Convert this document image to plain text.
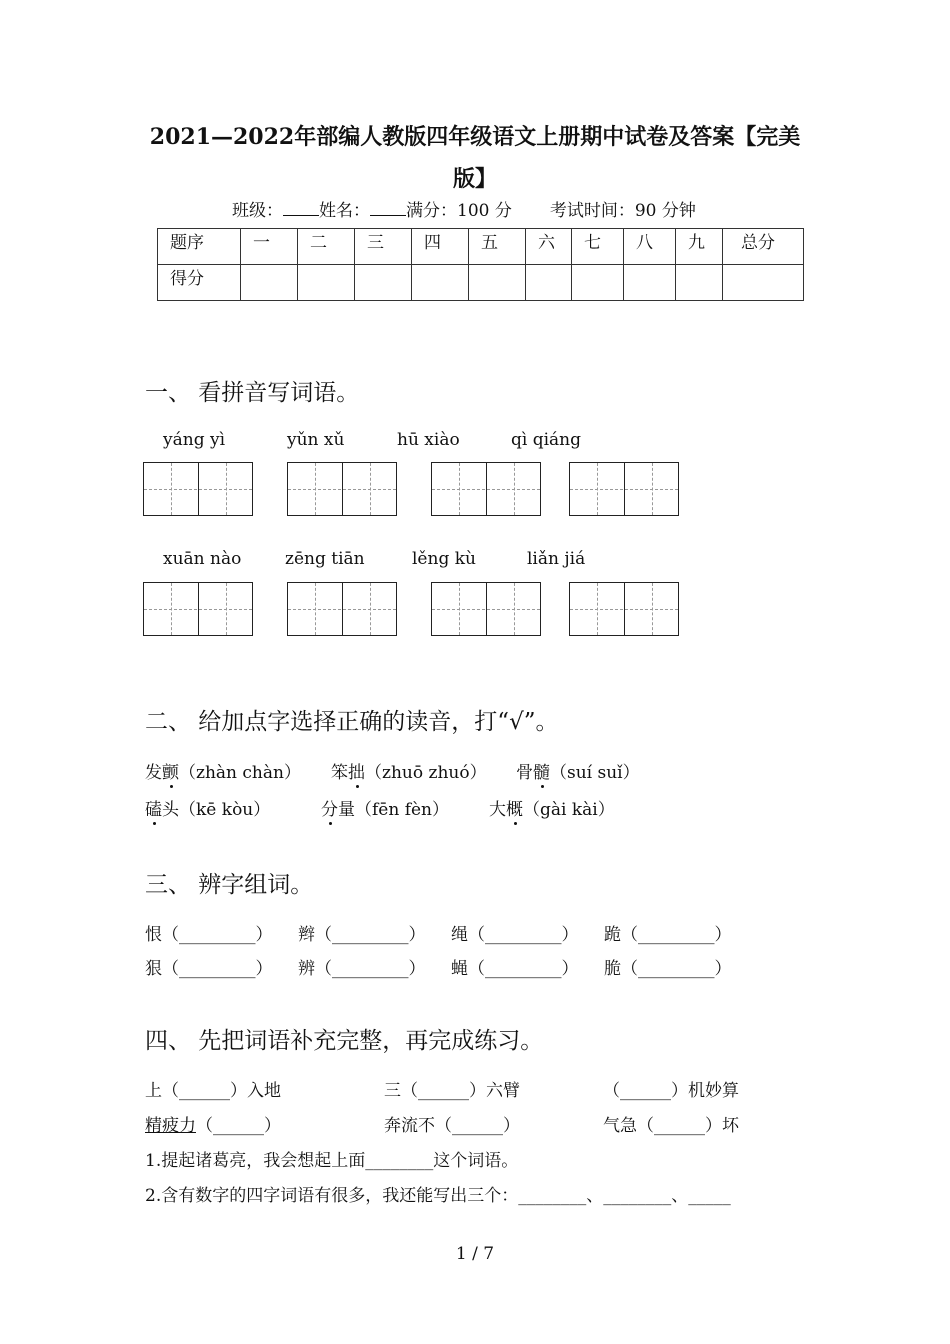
2021—2022年部编人教版四年级语文上册期中试卷及答案【完美版】
班级： 姓名： 满分：100 分 考试时间：90 分钟
题序	一	二	三	四	五	六	七	八	九	总分
得分										
一、 看拼音写词语。
yáng yì	yǔn xǔ	hū xiào	qì qiáng
xuān nào	zēng tiān	lěng kù	liǎn jiá
二、 给加点字选择正确的读音，打“√”。
发颤（zhàn chàn） 笨拙（zhuō zhuó） 骨髓（suí suǐ）
磕头（kē kòu）	分量（fēn fèn） 大概（gài kài）
三、 辨字组词。
恨（_________） 辫（_________） 绳（_________） 跪（_________）
狠（_________） 辨（_________） 蝇（_________） 脆（_________）
四、 先把词语补充完整，再完成练习。
上（______）入地	三（______）六臂	（______）机妙算
精疲力（______）	奔流不（______）	气急（______）坏
1.提起诸葛亮，我会想起上面________这个词语。
2.含有数字的四字词语有很多，我还能写出三个：________、________、_____
1 / 7
